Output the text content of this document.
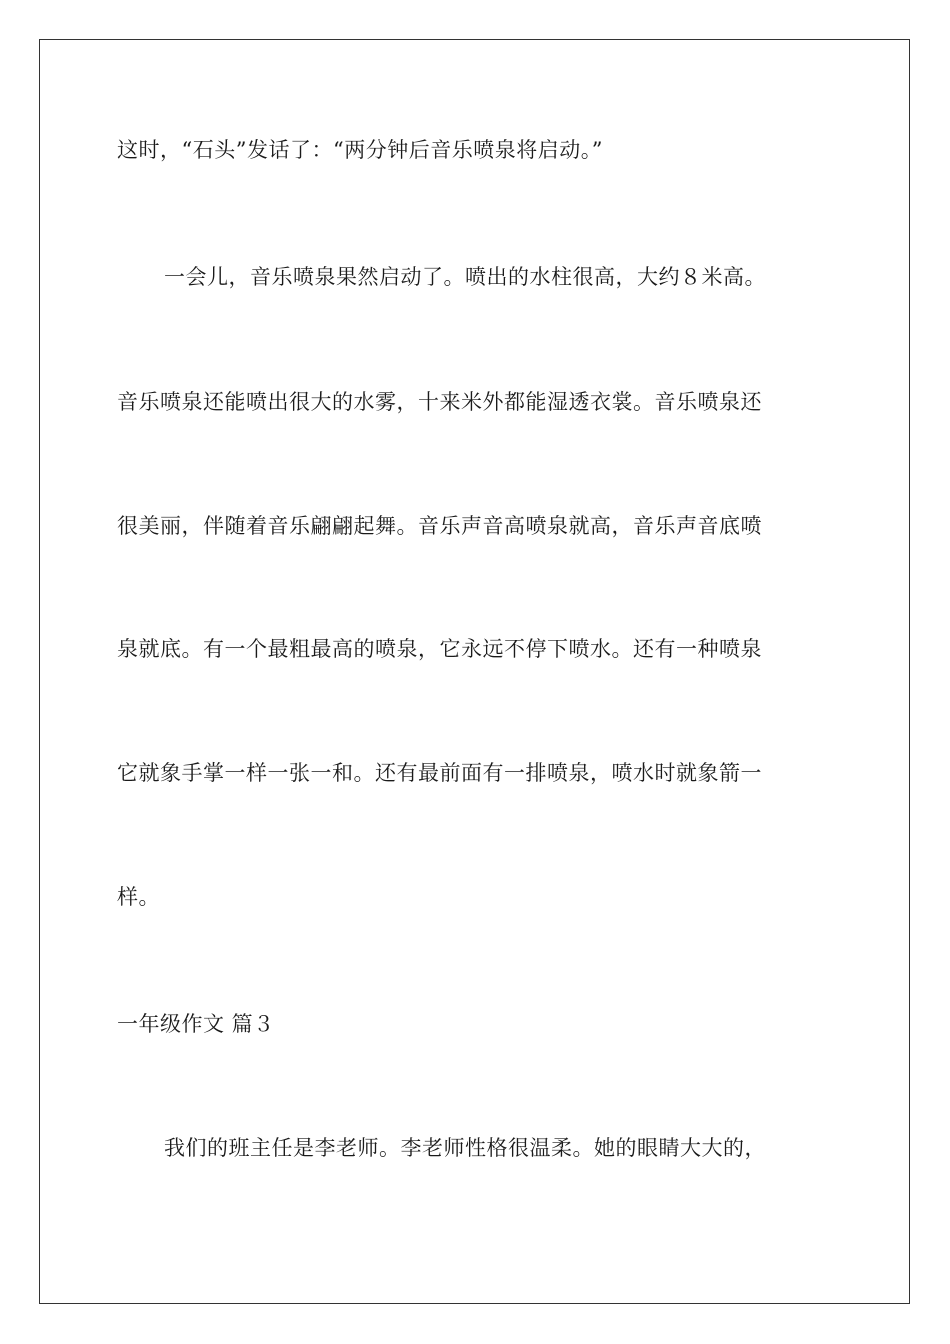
这时，“石头”发话了：“两分钟后音乐喷泉将启动。”
一会儿，音乐喷泉果然启动了。喷出的水柱很高，大约８米高。
音乐喷泉还能喷出很大的水雾，十来米外都能湿透衣裳。音乐喷泉还
很美丽，伴随着音乐翩翩起舞。音乐声音高喷泉就高，音乐声音底喷
泉就底。有一个最粗最高的喷泉，它永远不停下喷水。还有一种喷泉
它就象手掌一样一张一和。还有最前面有一排喷泉，喷水时就象箭一
样。
一年级作文 篇３
我们的班主任是李老师。李老师性格很温柔。她的眼睛大大的，
